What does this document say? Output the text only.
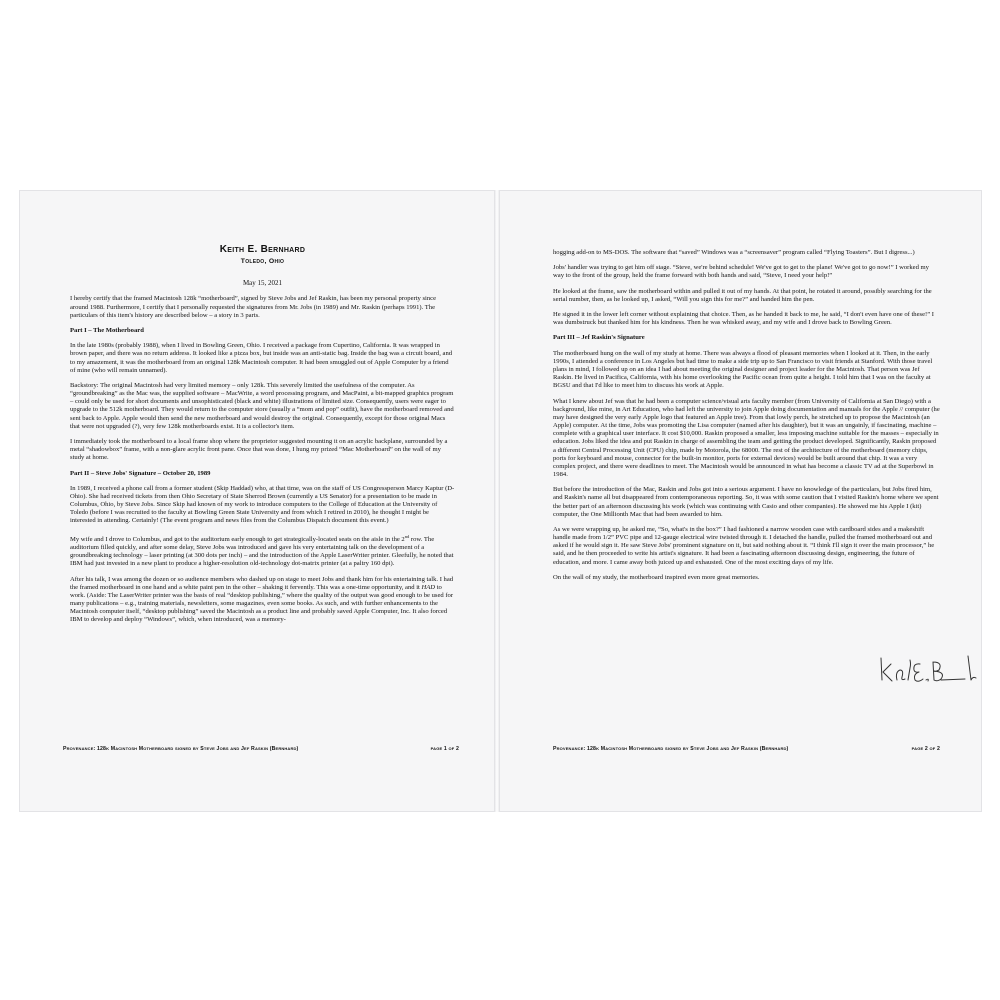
Keith E. Bernhard
Toledo, Ohio
May 15, 2021

I hereby certify that the framed Macintosh 128k “motherboard”, signed by Steve Jobs and Jef Raskin, has been my personal property since around 1988. Furthermore, I certify that I personally requested the signatures from Mr. Jobs (in 1989) and Mr. Raskin (perhaps 1991). The particulars of this item's history are described below – a story in 3 parts.

Part I – The Motherboard

In the late 1980s (probably 1988), when I lived in Bowling Green, Ohio. I received a package from Cupertino, California. It was wrapped in brown paper, and there was no return address. It looked like a pizza box, but inside was an anti-static bag. Inside the bag was a circuit board, and to my amazement, it was the motherboard from an original 128k Macintosh computer. It had been smuggled out of Apple Computer by a friend of mine (who will remain unnamed).

Backstory: The original Macintosh had very limited memory – only 128k. This severely limited the usefulness of the computer. As “groundbreaking” as the Mac was, the supplied software – MacWrite, a word processing program, and MacPaint, a bit-mapped graphics program – could only be used for short documents and unsophisticated (black and white) illustrations of limited size. Consequently, users were eager to upgrade to the 512k motherboard. They would return to the computer store (usually a “mom and pop” outfit), have the motherboard removed and sent back to Apple. Apple would then send the new motherboard and would destroy the original. Consequently, except for those original Macs that were not upgraded (?), very few 128k motherboards exist. It is a collector's item.

I immediately took the motherboard to a local frame shop where the proprietor suggested mounting it on an acrylic backplane, surrounded by a metal “shadowbox” frame, with a non-glare acrylic front pane. Once that was done, I hung my prized “Mac Motherboard” on the wall of my study at home.

Part II – Steve Jobs' Signature – October 20, 1989

In 1989, I received a phone call from a former student (Skip Haddad) who, at that time, was on the staff of US Congressperson Marcy Kaptur (D-Ohio). She had received tickets from then Ohio Secretary of State Sherrod Brown (currently a US Senator) for a presentation to be made in Columbus, Ohio, by Steve Jobs. Since Skip had known of my work to introduce computers to the College of Education at the University of Toledo (before I was recruited to the faculty at Bowling Green State University and from which I retired in 2010), he thought I might be interested in attending. Certainly! (The event program and news files from the Columbus Dispatch document this event.)

My wife and I drove to Columbus, and got to the auditorium early enough to get strategically-located seats on the aisle in the 2nd row. The auditorium filled quickly, and after some delay, Steve Jobs was introduced and gave his very entertaining talk on the development of a groundbreaking technology – laser printing (at 300 dots per inch) – and the introduction of the Apple LaserWriter printer. Gleefully, he noted that IBM had just invested in a new plant to produce a higher-resolution old-technology dot-matrix printer (at a paltry 160 dpi).

After his talk, I was among the dozen or so audience members who dashed up on stage to meet Jobs and thank him for his entertaining talk. I had the framed motherboard in one hand and a white paint pen in the other – shaking it fervently. This was a one-time opportunity, and it HAD to work. (Aside: The LaserWriter printer was the basis of real “desktop publishing,” where the quality of the output was good enough to be used for many publications – e.g., training materials, newsletters, some magazines, even some books. As such, and with further enhancements to the Macintosh computer itself, “desktop publishing” saved the Macintosh as a product line and probably saved Apple Computer, Inc. It also forced IBM to develop and deploy “Windows”, which, when introduced, was a memory-

Provenance: 128k Macintosh Motherboard signed by Steve Jobs and Jef Raskin (Bernhard)	page 1 of 2

hogging add-on to MS-DOS. The software that “saved” Windows was a “screensaver” program called “Flying Toasters”. But I digress...)

Jobs' handler was trying to get him off stage. “Steve, we're behind schedule! We've got to get to the plane! We've got to go now!” I worked my way to the front of the group, held the frame forward with both hands and said, “Steve, I need your help!”

He looked at the frame, saw the motherboard within and pulled it out of my hands. At that point, he rotated it around, possibly searching for the serial number, then, as he looked up, I asked, “Will you sign this for me?” and handed him the pen.

He signed it in the lower left corner without explaining that choice. Then, as he handed it back to me, he said, “I don't even have one of these!” I was dumbstruck but thanked him for his kindness. Then he was whisked away, and my wife and I drove back to Bowling Green.

Part III – Jef Raskin's Signature

The motherboard hung on the wall of my study at home. There was always a flood of pleasant memories when I looked at it. Then, in the early 1990s, I attended a conference in Los Angeles but had time to make a side trip up to San Francisco to visit friends at Stanford. With those travel plans in mind, I followed up on an idea I had about meeting the original designer and project leader for the Macintosh. That person was Jef Raskin. He lived in Pacifica, California, with his home overlooking the Pacific ocean from quite a height. I told him that I was on the faculty at BGSU and that I'd like to meet him to discuss his work at Apple.

What I knew about Jef was that he had been a computer science/visual arts faculty member (from University of California at San Diego) with a background, like mine, in Art Education, who had left the university to join Apple doing documentation and manuals for the Apple // computer (he may have designed the very early Apple logo that featured an Apple tree). From that lowly perch, he stretched up to propose the Macintosh (an Apple) computer. At the time, Jobs was promoting the Lisa computer (named after his daughter), but it was an ungainly, if fascinating, machine – complete with a graphical user interface. It cost $10,000. Raskin proposed a smaller, less imposing machine suitable for the masses – especially in education. Jobs liked the idea and put Raskin in charge of assembling the team and getting the product developed. Significantly, Raskin proposed a different Central Processing Unit (CPU) chip, made by Motorola, the 68000. The rest of the architecture of the motherboard (memory chips, ports for keyboard and mouse, connector for the built-in monitor, ports for external devices) would be built around that chip. It was a very complex project, and there were deadlines to meet. The Macintosh would be announced in what has become a classic TV ad at the Superbowl in 1984.

But before the introduction of the Mac, Raskin and Jobs got into a serious argument. I have no knowledge of the particulars, but Jobs fired him, and Raskin's name all but disappeared from contemporaneous reporting. So, it was with some caution that I visited Raskin's home where we spent the better part of an afternoon discussing his work (which was continuing with Casio and other companies). He showed me his Apple I (kit) computer, the One Millionth Mac that had been awarded to him.

As we were wrapping up, he asked me, “So, what's in the box?” I had fashioned a narrow wooden case with cardboard sides and a makeshift handle made from 1/2” PVC pipe and 12-gauge electrical wire twisted through it. I detached the handle, pulled the framed motherboard out and asked if he would sign it. He saw Steve Jobs' prominent signature on it, but said nothing about it. “I think I'll sign it over the main processor,” he said, and he then proceeded to write his artist's signature. It had been a fascinating afternoon discussing design, engineering, the future of education, and more. I came away both juiced up and exhausted. One of the most exciting days of my life.

On the wall of my study, the motherboard inspired even more great memories.

Provenance: 128k Macintosh Motherboard signed by Steve Jobs and Jef Raskin (Bernhard)	page 2 of 2
